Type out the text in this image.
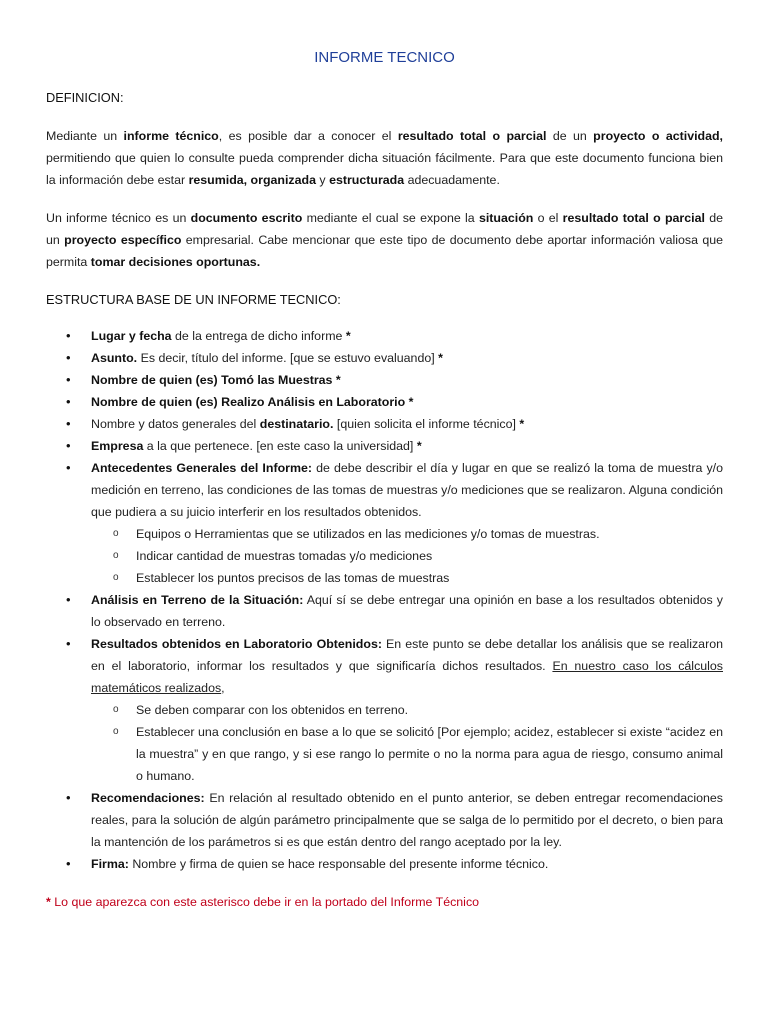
INFORME TECNICO
DEFINICION:

Mediante un informe técnico, es posible dar a conocer el resultado total o parcial de un proyecto o actividad, permitiendo que quien lo consulte pueda comprender dicha situación fácilmente. Para que este documento funciona bien la información debe estar resumida, organizada y estructurada adecuadamente.

Un informe técnico es un documento escrito mediante el cual se expone la situación o el resultado total o parcial de un proyecto específico empresarial. Cabe mencionar que este tipo de documento debe aportar información valiosa que permita tomar decisiones oportunas.

ESTRUCTURA BASE DE UN INFORME TECNICO:
• Lugar y fecha de la entrega de dicho informe *
• Asunto. Es decir, título del informe. [que se estuvo evaluando] *
• Nombre de quien (es) Tomó las Muestras *
• Nombre de quien (es) Realizo Análisis en Laboratorio *
• Nombre y datos generales del destinatario. [quien solicita el informe técnico] *
• Empresa a la que pertenece. [en este caso la universidad] *
• Antecedentes Generales del Informe: de debe describir el día y lugar en que se realizó la toma de muestra y/o medición en terreno, las condiciones de las tomas de muestras y/o mediciones que se realizaron. Alguna condición que pudiera a su juicio interferir en los resultados obtenidos.
o Equipos o Herramientas que se utilizados en las mediciones y/o tomas de muestras.
o Indicar cantidad de muestras tomadas y/o mediciones
o Establecer los puntos precisos de las tomas de muestras
• Análisis en Terreno de la Situación: Aquí sí se debe entregar una opinión en base a los resultados obtenidos y lo observado en terreno.
• Resultados obtenidos en Laboratorio Obtenidos: En este punto se debe detallar los análisis que se realizaron en el laboratorio, informar los resultados y que significaría dichos resultados. En nuestro caso los cálculos matemáticos realizados,
o Se deben comparar con los obtenidos en terreno.
o Establecer una conclusión en base a lo que se solicitó [Por ejemplo; acidez, establecer si existe “acidez en la muestra” y en que rango, y si ese rango lo permite o no la norma para agua de riesgo, consumo animal o humano.
• Recomendaciones: En relación al resultado obtenido en el punto anterior, se deben entregar recomendaciones reales, para la solución de algún parámetro principalmente que se salga de lo permitido por el decreto, o bien para la mantención de los parámetros si es que están dentro del rango aceptado por la ley.
• Firma: Nombre y firma de quien se hace responsable del presente informe técnico.
* Lo que aparezca con este asterisco debe ir en la portado del Informe Técnico
